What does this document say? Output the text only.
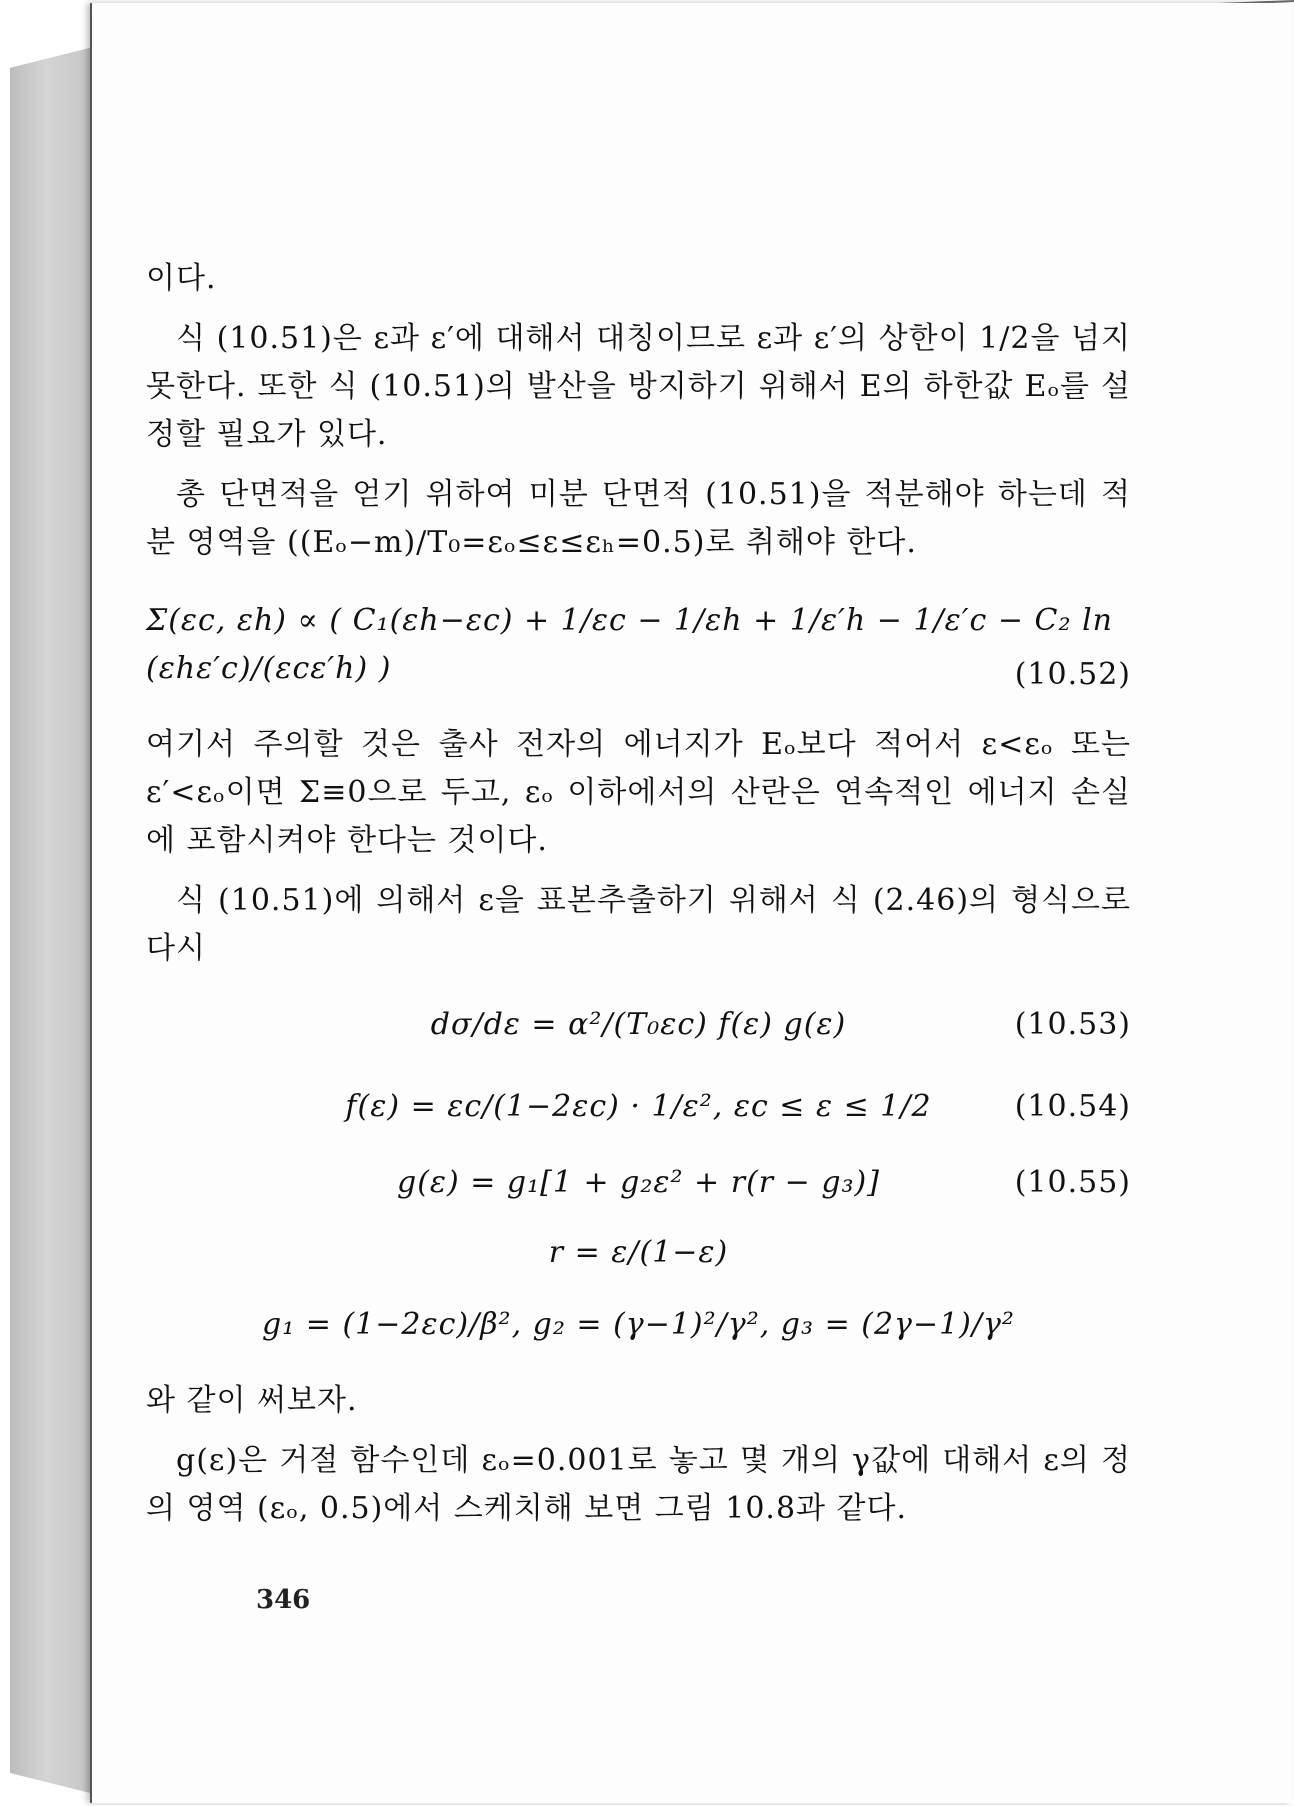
이다.

식 (10.51)은 ε과 ε′에 대해서 대칭이므로 ε과 ε′의 상한이 1/2을 넘지 못한다. 또한 식 (10.51)의 발산을 방지하기 위해서 E의 하한값 Eₒ를 설정할 필요가 있다.

총 단면적을 얻기 위하여 미분 단면적 (10.51)을 적분해야 하는데 적분 영역을 ((Eₒ−m)/T₀=εₒ≤ε≤εₕ=0.5)로 취해야 한다.

Σ(εc, εh) ∝ ( C₁(εh−εc) + 1/εc − 1/εh + 1/ε′h − 1/ε′c − C₂ ln (εhε′c)/(εcε′h) )	(10.52)

여기서 주의할 것은 출사 전자의 에너지가 Eₒ보다 적어서 ε<εₒ 또는 ε′<εₒ이면 Σ≡0으로 두고, εₒ 이하에서의 산란은 연속적인 에너지 손실에 포함시켜야 한다는 것이다.

식 (10.51)에 의해서 ε을 표본추출하기 위해서 식 (2.46)의 형식으로 다시

dσ/dε = α²/(T₀εc) f(ε) g(ε)	(10.53)
f(ε) = εc/(1−2εc) · 1/ε², εc ≤ ε ≤ 1/2	(10.54)
g(ε) = g₁[1 + g₂ε² + r(r − g₃)]	(10.55)
r = ε/(1−ε)
g₁ = (1−2εc)/β², g₂ = (γ−1)²/γ², g₃ = (2γ−1)/γ²

와 같이 써보자.

g(ε)은 거절 함수인데 εₒ=0.001로 놓고 몇 개의 γ값에 대해서 ε의 정의 영역 (εₒ, 0.5)에서 스케치해 보면 그림 10.8과 같다.

346
